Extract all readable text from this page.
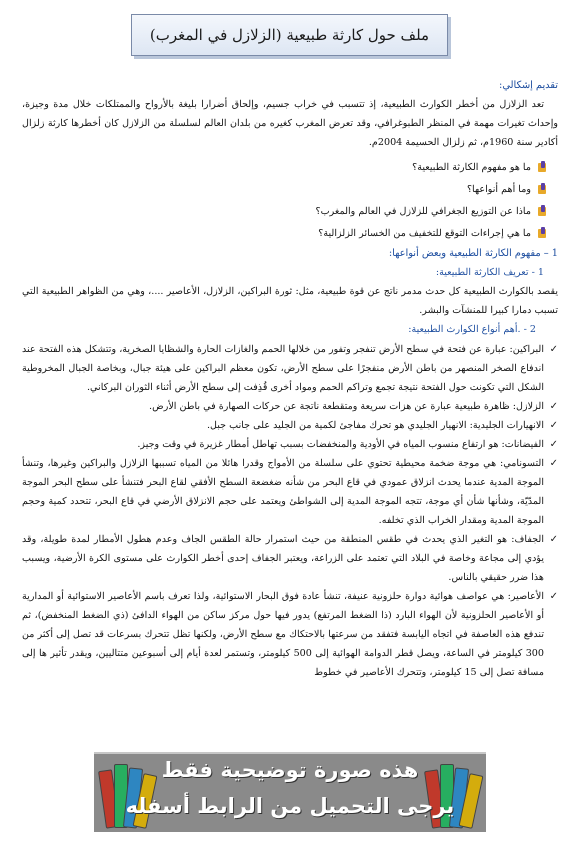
ملف حول كارثة طبيعية (الزلازل في المغرب)
تقديم إشكالي:

تعد الزلازل من أخطر الكوارث الطبيعية، إذ تتسبب في خراب جسيم، وإلحاق أضرارا بليغة بالأرواح والممتلكات خلال مدة وجيزة، وإحداث تغيرات مهمة في المنظر الطبوغرافي، وقد تعرض المغرب كغيره من بلدان العالم لسلسلة من الزلازل كان أخطرها كارثة زلزال أكادير سنة 1960م، ثم زلزال الحسيمة 2004م.

ما هو مفهوم الكارثة الطبيعية؟
وما أهم أنواعها؟
ماذا عن التوزيع الجغرافي للزلازل في العالم والمغرب؟
ما هي إجراءات التوقع للتخفيف من الخسائر الزلزالية؟
1 – مفهوم الكارثة الطبيعية وبعض أنواعها:
1 - تعريف الكارثة الطبيعية:

يقصد بالكوارث الطبيعية كل حدث مدمر ناتج عن قوة طبيعية، مثل: ثورة البراكين، الزلازل، الأعاصير ....، وهي من الظواهر الطبيعية التي تسبب دمارا كبيرا للمنشآت والبشر.

2 - .أهم أنواع الكوارث الطبيعية:
✓
البراكين: عبارة عن فتحة في سطح الأرض تنفجر وتفور من خلالها الحمم والغازات الحارة والشظايا الصخرية، وتتشكل هذه الفتحة عند اندفاع الصخر المنصهر من باطن الأرض منفجرًا على سطح الأرض، تكون معظم البراكين على هيئة جبال، وبخاصة الجبال المخروطية الشكل التي تكونت حول الفتحة نتيجة تجمع وتراكم الحمم ومواد أخرى قُذِفت إلى سطح الأرض أثناء الثوران البركاني.
✓
الزلازل: ظاهرة طبيعية عبارة عن هزات سريعة ومتقطعة ناتجة عن حركات الصهارة في باطن الأرض.
✓
الانهيارات الجليدية: الانهيار الجليدي هو تحرك مفاجئ لكمية من الجليد على جانب جبل.
✓
الفيضانات: هو ارتفاع منسوب المياه في الأودية والمنخفضات بسبب تهاطل أمطار غزيرة في وقت وجيز.
✓
التسونامي: هي موجة ضخمة محيطية تحتوي على سلسلة من الأمواج وقدرا هائلا من المياه تسببها الزلازل والبراكين وغيرها، وتنشأ الموجة المدية عندما يحدث انزلاق عمودي في قاع البحر من شأنه ضغضعة السطح الأفقي لقاع البحر فتنشأ على سطح البحر الموجة المدّيّة، وشأنها شأن أي موجة، تتجه الموجة المدية إلى الشواطئ ويعتمد على حجم الانزلاق الأرضي في قاع البحر، تتحدد كمية وحجم الموجة المدية ومقدار الخراب الذي تخلفه.
✓
الجفاف: هو التغير الذي يحدث في طقس المنطقة من حيث استمرار حالة الطقس الجاف وعدم هطول الأمطار لمدة طويلة، وقد يؤدي إلى مجاعة وخاصة في البلاد التي تعتمد على الزراعة، ويعتبر الجفاف إحدى أخطر الكوارث على مستوى الكرة الأرضية، ويسبب هذا ضرر حقيقي بالناس.
✓
الأعاصير: هي عواصف هوائية دوارة حلزونية عنيفة، تنشأ عادة فوق البحار الاستوائية، ولذا تعرف باسم الأعاصير الاستوائية أو المدارية أو الأعاصير الحلزونية لأن الهواء البارد (ذا الضغط المرتفع) يدور فيها حول مركز ساكن من الهواء الدافئ (ذي الضغط المنخفض)، ثم تندفع هذه العاصفة في اتجاه اليابسة فتفقد من سرعتها بالاحتكاك مع سطح الأرض، ولكنها تظل تتحرك بسرعات قد تصل إلى أكثر من 300 كيلومتر في الساعة، ويصل قطر الدوامة الهوائية إلى 500 كيلومتر، وتستمر لعدة أيام إلى أسبوعين متتاليين، ويقدر تأثير ها إلى مسافة تصل إلى 15 كيلومتر، وتتحرك الأعاصير في خطوط
هذه صورة توضيحية فقط
يرجى التحميل من الرابط أسفله
